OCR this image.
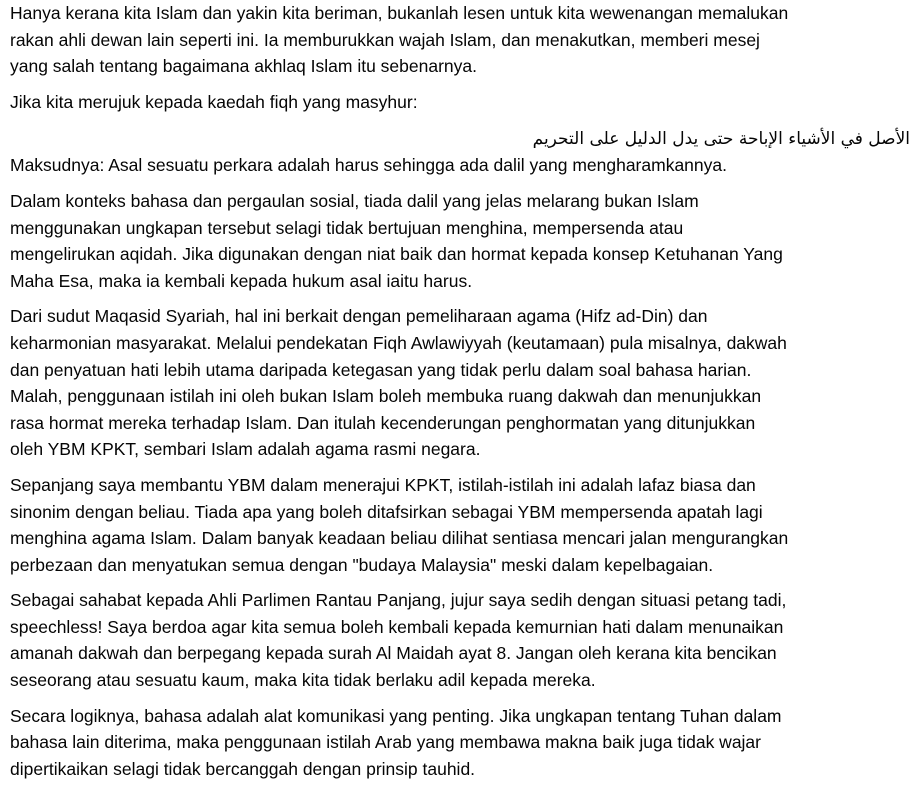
Hanya kerana kita Islam dan yakin kita beriman, bukanlah lesen untuk kita wewenangan memalukan
rakan ahli dewan lain seperti ini. Ia memburukkan wajah Islam, dan menakutkan, memberi mesej
yang salah tentang bagaimana akhlaq Islam itu sebenarnya.

Jika kita merujuk kepada kaedah fiqh yang masyhur:

الأصل في الأشياء الإباحة حتى يدل الدليل على التحريم

Maksudnya: Asal sesuatu perkara adalah harus sehingga ada dalil yang mengharamkannya.

Dalam konteks bahasa dan pergaulan sosial, tiada dalil yang jelas melarang bukan Islam
menggunakan ungkapan tersebut selagi tidak bertujuan menghina, mempersenda atau
mengelirukan aqidah. Jika digunakan dengan niat baik dan hormat kepada konsep Ketuhanan Yang
Maha Esa, maka ia kembali kepada hukum asal iaitu harus.

Dari sudut Maqasid Syariah, hal ini berkait dengan pemeliharaan agama (Hifz ad-Din) dan
keharmonian masyarakat. Melalui pendekatan Fiqh Awlawiyyah (keutamaan) pula misalnya, dakwah
dan penyatuan hati lebih utama daripada ketegasan yang tidak perlu dalam soal bahasa harian.
Malah, penggunaan istilah ini oleh bukan Islam boleh membuka ruang dakwah dan menunjukkan
rasa hormat mereka terhadap Islam. Dan itulah kecenderungan penghormatan yang ditunjukkan
oleh YBM KPKT, sembari Islam adalah agama rasmi negara.

Sepanjang saya membantu YBM dalam menerajui KPKT, istilah-istilah ini adalah lafaz biasa dan
sinonim dengan beliau. Tiada apa yang boleh ditafsirkan sebagai YBM mempersenda apatah lagi
menghina agama Islam. Dalam banyak keadaan beliau dilihat sentiasa mencari jalan mengurangkan
perbezaan dan menyatukan semua dengan "budaya Malaysia" meski dalam kepelbagaian.

Sebagai sahabat kepada Ahli Parlimen Rantau Panjang, jujur saya sedih dengan situasi petang tadi,
speechless! Saya berdoa agar kita semua boleh kembali kepada kemurnian hati dalam menunaikan
amanah dakwah dan berpegang kepada surah Al Maidah ayat 8. Jangan oleh kerana kita bencikan
seseorang atau sesuatu kaum, maka kita tidak berlaku adil kepada mereka.

Secara logiknya, bahasa adalah alat komunikasi yang penting. Jika ungkapan tentang Tuhan dalam
bahasa lain diterima, maka penggunaan istilah Arab yang membawa makna baik juga tidak wajar
dipertikaikan selagi tidak bercanggah dengan prinsip tauhid.
